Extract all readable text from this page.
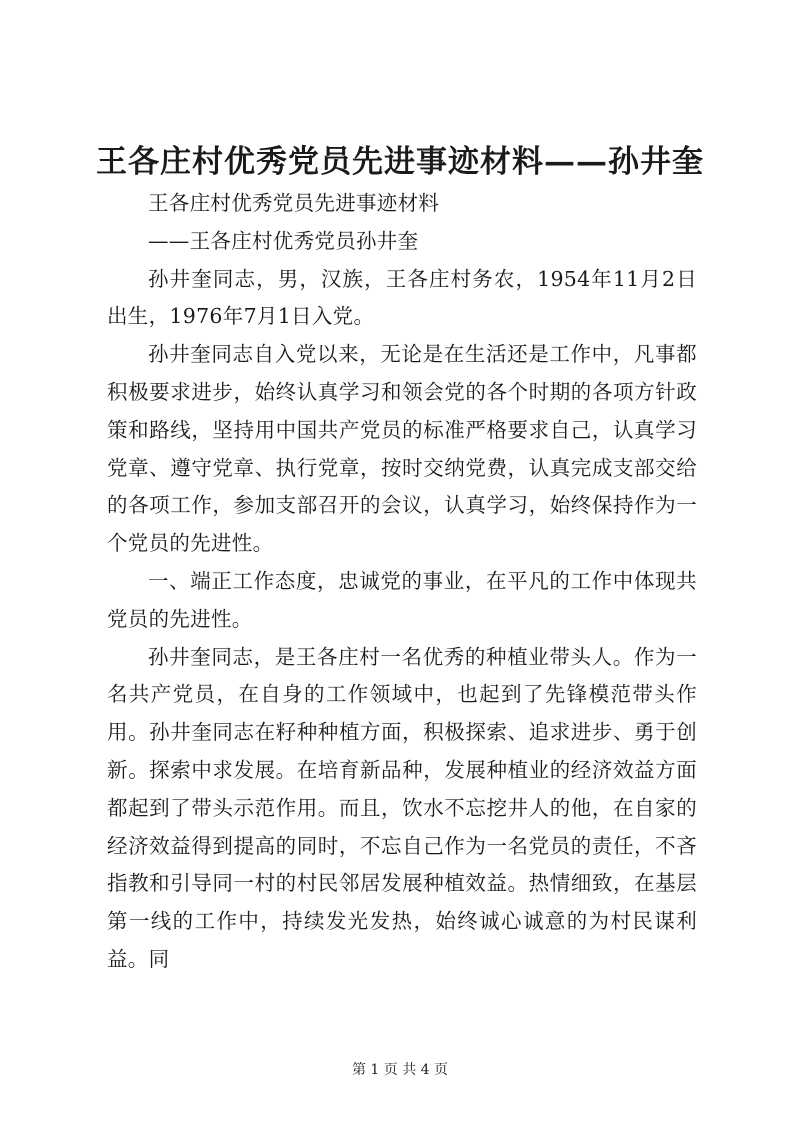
王各庄村优秀党员先进事迹材料——孙井奎

王各庄村优秀党员先进事迹材料

——王各庄村优秀党员孙井奎

孙井奎同志，男，汉族，王各庄村务农，1954年11月2日出生，1976年7月1日入党。

孙井奎同志自入党以来，无论是在生活还是工作中，凡事都积极要求进步，始终认真学习和领会党的各个时期的各项方针政策和路线，坚持用中国共产党员的标准严格要求自己，认真学习党章、遵守党章、执行党章，按时交纳党费，认真完成支部交给的各项工作，参加支部召开的会议，认真学习，始终保持作为一个党员的先进性。

一、端正工作态度，忠诚党的事业，在平凡的工作中体现共党员的先进性。

孙井奎同志，是王各庄村一名优秀的种植业带头人。作为一名共产党员，在自身的工作领域中，也起到了先锋模范带头作用。孙井奎同志在籽种种植方面，积极探索、追求进步、勇于创新。探索中求发展。在培育新品种，发展种植业的经济效益方面都起到了带头示范作用。而且，饮水不忘挖井人的他，在自家的经济效益得到提高的同时，不忘自己作为一名党员的责任，不吝指教和引导同一村的村民邻居发展种植效益。热情细致，在基层第一线的工作中，持续发光发热，始终诚心诚意的为村民谋利益。同

第 1 页 共 4 页
